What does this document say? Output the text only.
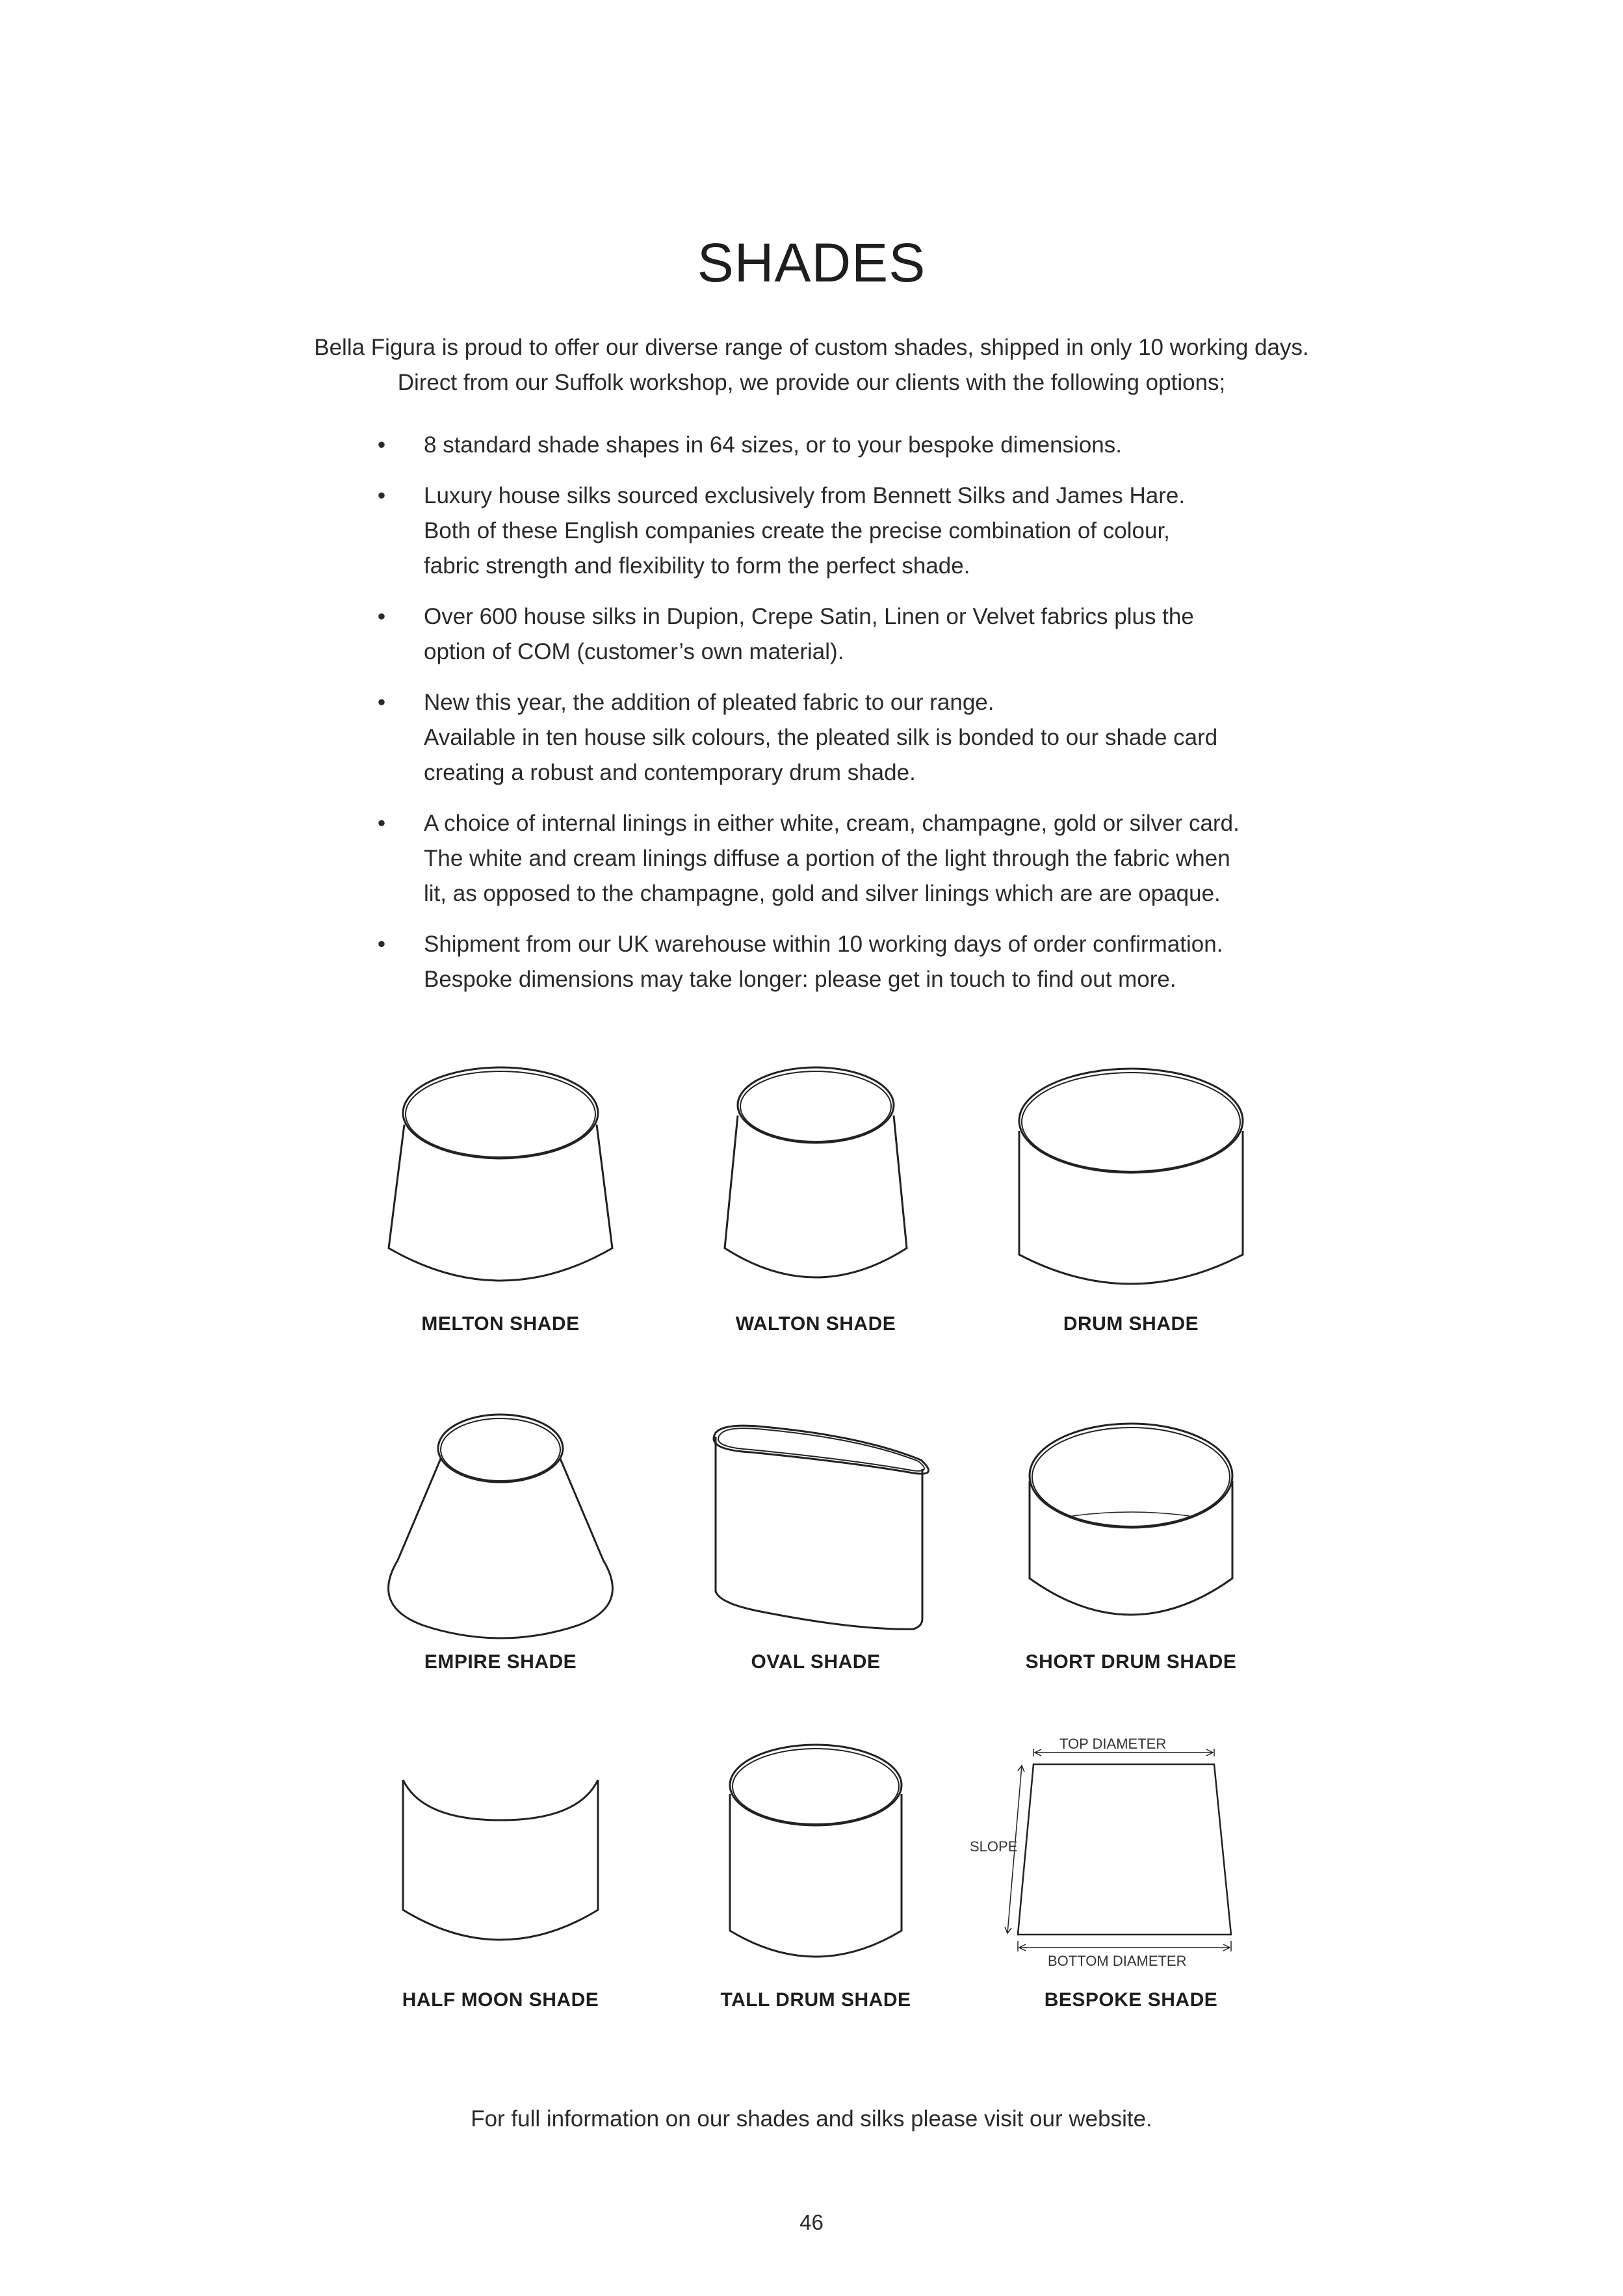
SHADES

Bella Figura is proud to offer our diverse range of custom shades, shipped in only 10 working days.

Direct from our Suffolk workshop, we provide our clients with the following options;

• 8 standard shade shapes in 64 sizes, or to your bespoke dimensions.

• Luxury house silks sourced exclusively from Bennett Silks and James Hare.

Both of these English companies create the precise combination of colour,

fabric strength and flexibility to form the perfect shade.

• Over 600 house silks in Dupion, Crepe Satin, Linen or Velvet fabrics plus the

option of COM (customer’s own material).

• New this year, the addition of pleated fabric to our range.

Available in ten house silk colours, the pleated silk is bonded to our shade card

creating a robust and contemporary drum shade.

• A choice of internal linings in either white, cream, champagne, gold or silver card.

The white and cream linings diffuse a portion of the light through the fabric when

lit, as opposed to the champagne, gold and silver linings which are are opaque.

• Shipment from our UK warehouse within 10 working days of order confirmation.

Bespoke dimensions may take longer: please get in touch to find out more.

MELTON SHADE	WALTON SHADE	DRUM SHADE
EMPIRE SHADE	OVAL SHADE	SHORT DRUM SHADE
HALF MOON SHADE	TALL DRUM SHADE
TOP DIAMETER
SLOPE
BOTTOM DIAMETER
BESPOKE SHADE
For full information on our shades and silks please visit our website.
46
